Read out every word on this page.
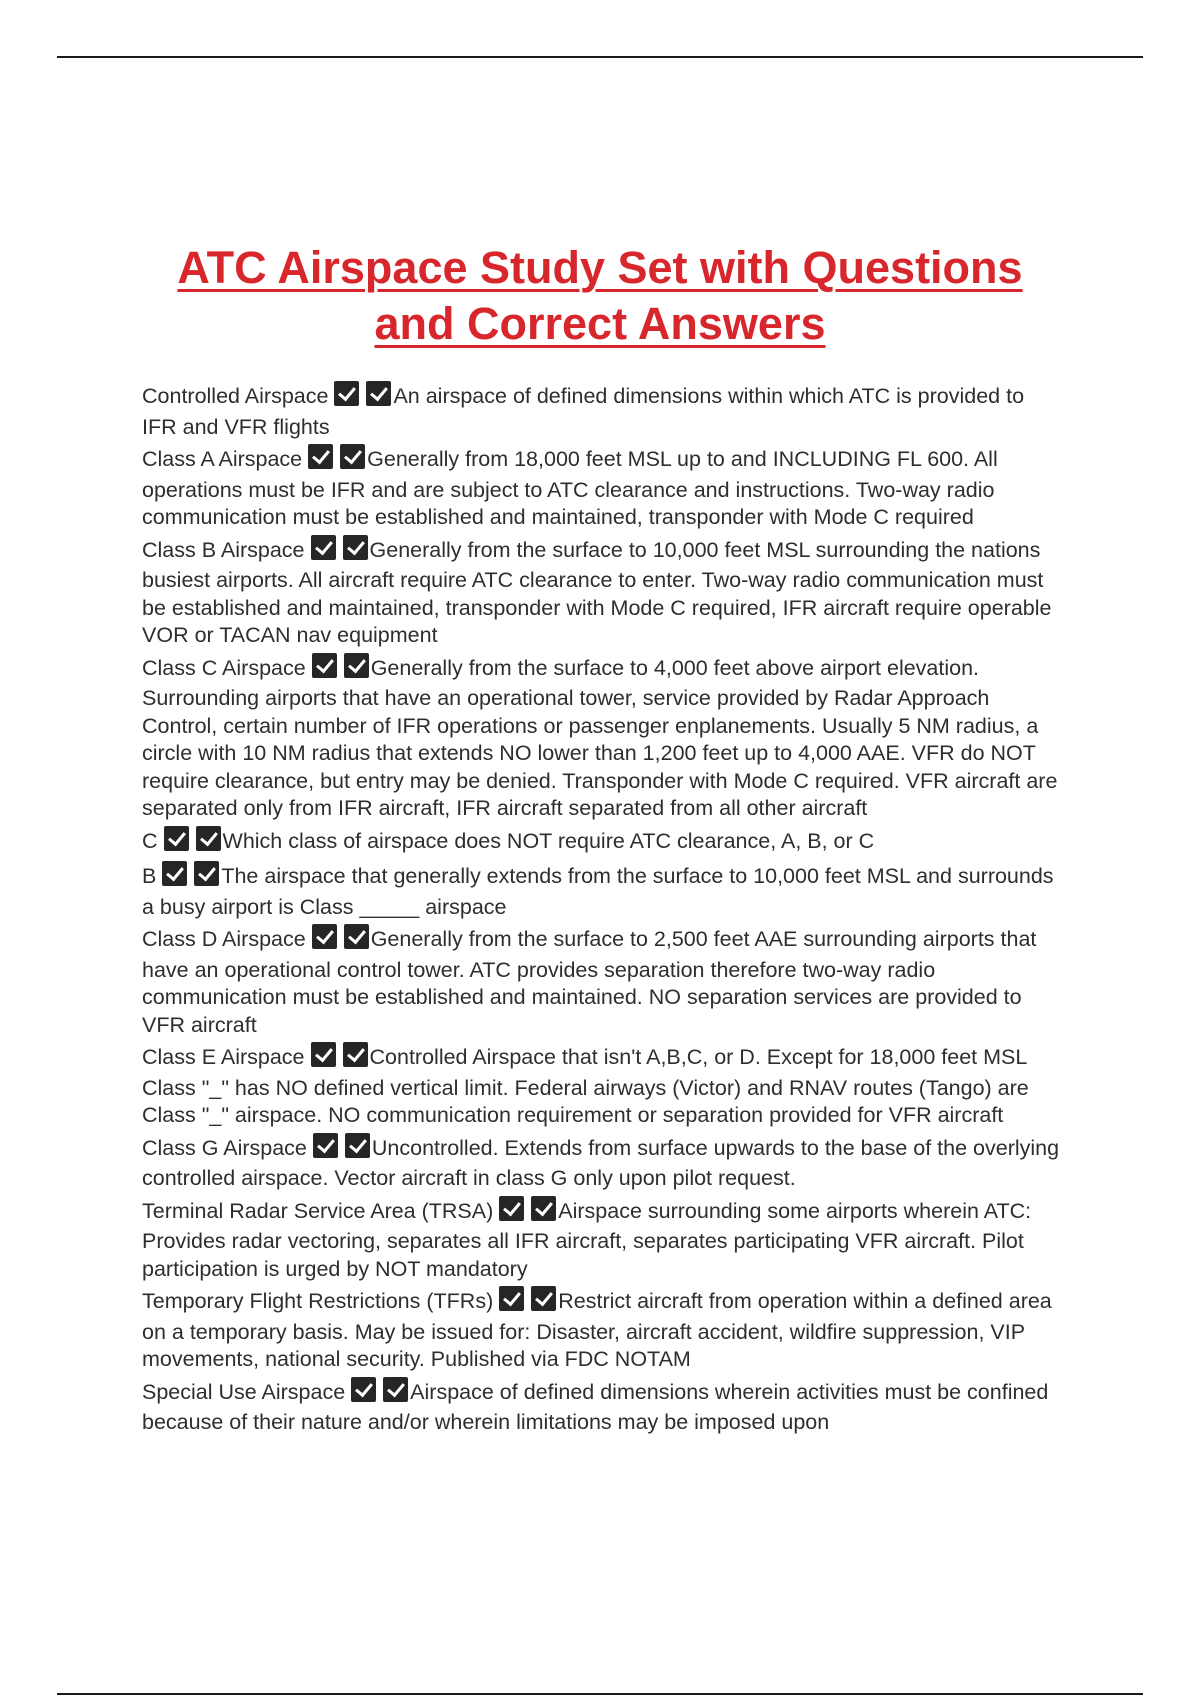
ATC Airspace Study Set with Questions
and Correct Answers
Controlled Airspace	An airspace of defined dimensions within which ATC is provided to IFR and VFR flights
Class A Airspace	Generally from 18,000 feet MSL up to and INCLUDING FL 600. All operations must be IFR and are subject to ATC clearance and instructions. Two-way radio communication must be established and maintained, transponder with Mode C required
Class B Airspace	Generally from the surface to 10,000 feet MSL surrounding the nations busiest airports. All aircraft require ATC clearance to enter. Two-way radio communication must be established and maintained, transponder with Mode C required, IFR aircraft require operable VOR or TACAN nav equipment
Class C Airspace	Generally from the surface to 4,000 feet above airport elevation. Surrounding airports that have an operational tower, service provided by Radar Approach Control, certain number of IFR operations or passenger enplanements. Usually 5 NM radius, a circle with 10 NM radius that extends NO lower than 1,200 feet up to 4,000 AAE. VFR do NOT require clearance, but entry may be denied. Transponder with Mode C required. VFR aircraft are separated only from IFR aircraft, IFR aircraft separated from all other aircraft
C	Which class of airspace does NOT require ATC clearance, A, B, or C
B	The airspace that generally extends from the surface to 10,000 feet MSL and surrounds a busy airport is Class _____ airspace
Class D Airspace	Generally from the surface to 2,500 feet AAE surrounding airports that have an operational control tower. ATC provides separation therefore two-way radio communication must be established and maintained. NO separation services are provided to VFR aircraft
Class E Airspace	Controlled Airspace that isn't A,B,C, or D. Except for 18,000 feet MSL Class "_" has NO defined vertical limit. Federal airways (Victor) and RNAV routes (Tango) are Class "_" airspace. NO communication requirement or separation provided for VFR aircraft
Class G Airspace	Uncontrolled. Extends from surface upwards to the base of the overlying controlled airspace. Vector aircraft in class G only upon pilot request.
Terminal Radar Service Area (TRSA)	Airspace surrounding some airports wherein ATC: Provides radar vectoring, separates all IFR aircraft, separates participating VFR aircraft. Pilot participation is urged by NOT mandatory
Temporary Flight Restrictions (TFRs)	Restrict aircraft from operation within a defined area on a temporary basis. May be issued for: Disaster, aircraft accident, wildfire suppression, VIP movements, national security. Published via FDC NOTAM
Special Use Airspace	Airspace of defined dimensions wherein activities must be confined because of their nature and/or wherein limitations may be imposed upon
